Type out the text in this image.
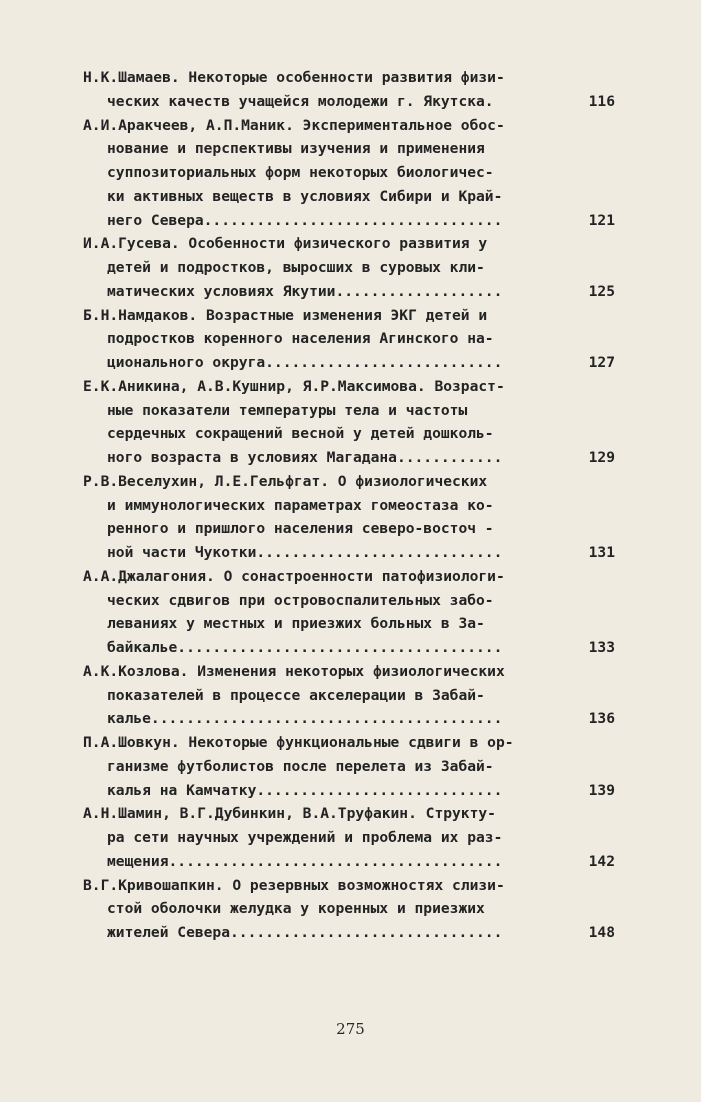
Н.К.Шамаев. Некоторые особенности развития физи-
ческих качеств учащейся молодежи г. Якутска.	116
А.И.Аракчеев, А.П.Маник. Экспериментальное обос-
нование и перспективы изучения и применения
суппозиториальных форм некоторых биологичес-
ки активных веществ в условиях Сибири и Край-
него Севера..................................	121
И.А.Гусева. Особенности физического развития у
детей и подростков, выросших в суровых кли-
матических условиях Якутии...................	125
Б.Н.Намдаков. Возрастные изменения ЭКГ детей и
подростков коренного населения Агинского на-
ционального округа...........................	127
Е.К.Аникина, А.В.Кушнир, Я.Р.Максимова. Возраст-
ные показатели температуры тела и частоты
сердечных сокращений весной у детей дошколь-
ного возраста в условиях Магадана............	129
Р.В.Веселухин, Л.Е.Гельфгат. О физиологических
и иммунологических параметрах гомеостаза ко-
ренного и пришлого населения северо-восточ -
ной части Чукотки............................	131
А.А.Джалагония. О сонастроенности патофизиологи-
ческих сдвигов при островоспалительных забо-
леваниях у местных и приезжих больных в За-
байкалье.....................................	133
А.К.Козлова. Изменения некоторых физиологических
показателей в процессе акселерации в Забай-
калье........................................	136
П.А.Шовкун. Некоторые функциональные сдвиги в ор-
ганизме футболистов после перелета из Забай-
калья на Камчатку............................	139
А.Н.Шамин, В.Г.Дубинкин, В.А.Труфакин. Структу-
ра сети научных учреждений и проблема их раз-
мещения......................................	142
В.Г.Кривошапкин. О резервных возможностях слизи-
стой оболочки желудка у коренных и приезжих
жителей Севера...............................	148
275
